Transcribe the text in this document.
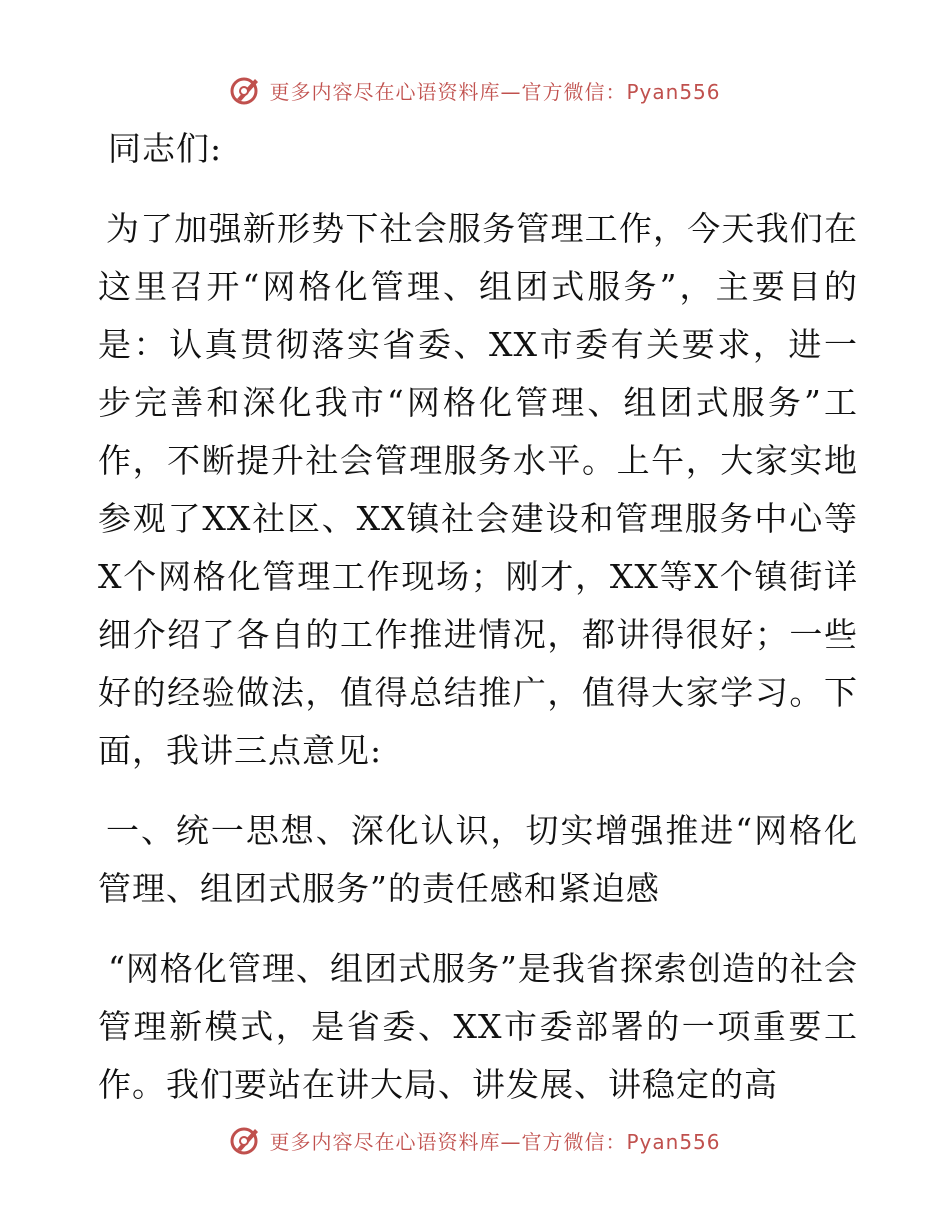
更多内容尽在心语资料库—官方微信：Pyan556

同志们:

为了加强新形势下社会服务管理工作，今天我们在这里召开“网格化管理、组团式服务”，主要目的是：认真贯彻落实省委、XX市委有关要求，进一步完善和深化我市“网格化管理、组团式服务”工作，不断提升社会管理服务水平。上午，大家实地参观了XX社区、XX镇社会建设和管理服务中心等X个网格化管理工作现场；刚才，XX等X个镇街详细介绍了各自的工作推进情况，都讲得很好；一些好的经验做法，值得总结推广，值得大家学习。下面，我讲三点意见:

一、统一思想、深化认识，切实增强推进“网格化管理、组团式服务”的责任感和紧迫感

“网格化管理、组团式服务”是我省探索创造的社会管理新模式，是省委、XX市委部署的一项重要工作。我们要站在讲大局、讲发展、讲稳定的高

更多内容尽在心语资料库—官方微信：Pyan556
